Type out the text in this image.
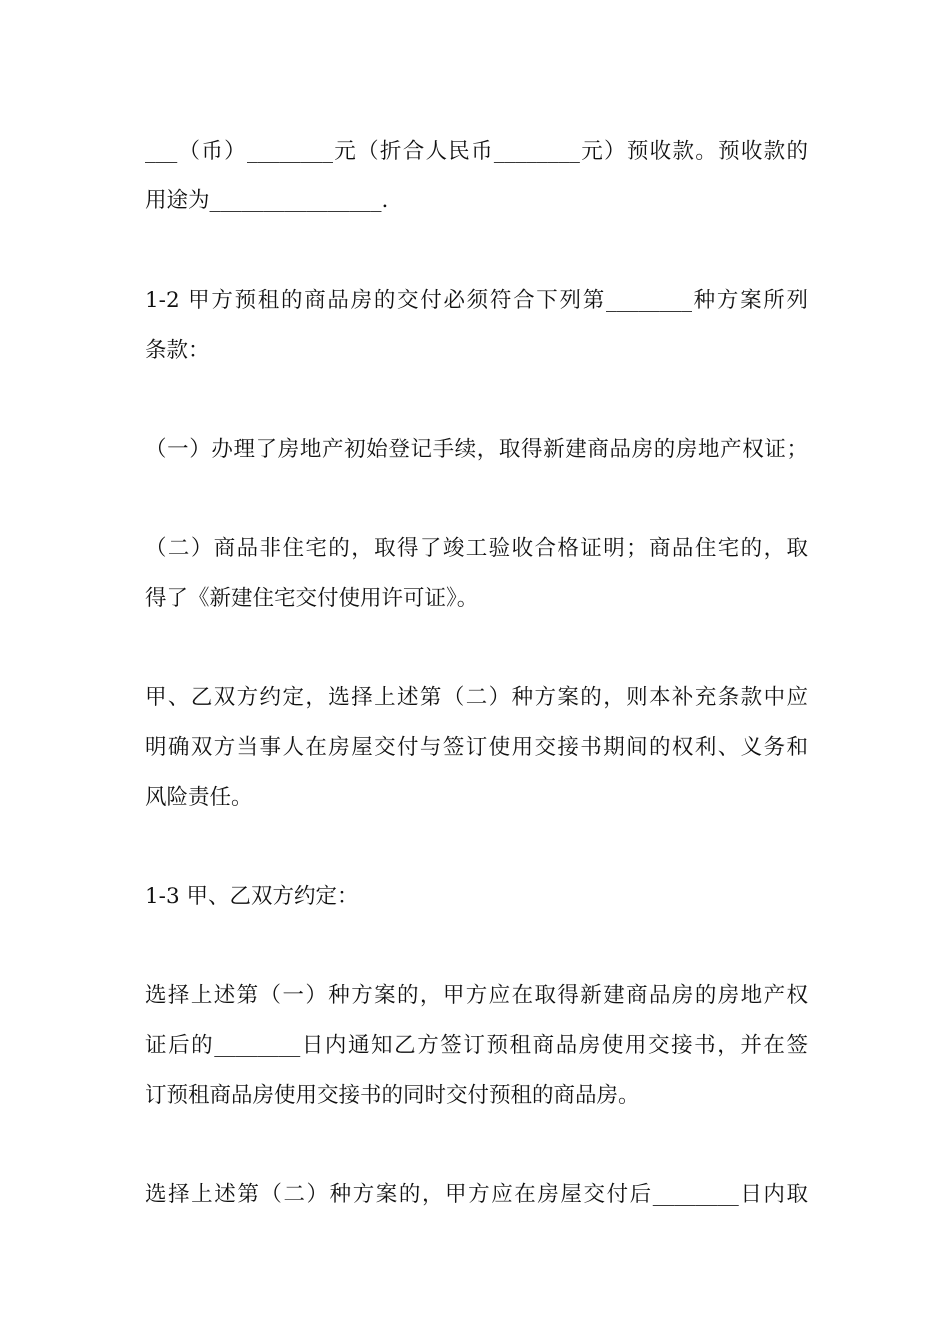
___（币）________元（折合人民币________元）预收款。预收款的
用途为________________.
1-2 甲方预租的商品房的交付必须符合下列第________种方案所列
条款：
（一）办理了房地产初始登记手续，取得新建商品房的房地产权证；
（二）商品非住宅的，取得了竣工验收合格证明；商品住宅的，取
得了《新建住宅交付使用许可证》。
甲、乙双方约定，选择上述第（二）种方案的，则本补充条款中应
明确双方当事人在房屋交付与签订使用交接书期间的权利、义务和
风险责任。
1-3 甲、乙双方约定：
选择上述第（一）种方案的，甲方应在取得新建商品房的房地产权
证后的________日内通知乙方签订预租商品房使用交接书，并在签
订预租商品房使用交接书的同时交付预租的商品房。
选择上述第（二）种方案的，甲方应在房屋交付后________日内取
